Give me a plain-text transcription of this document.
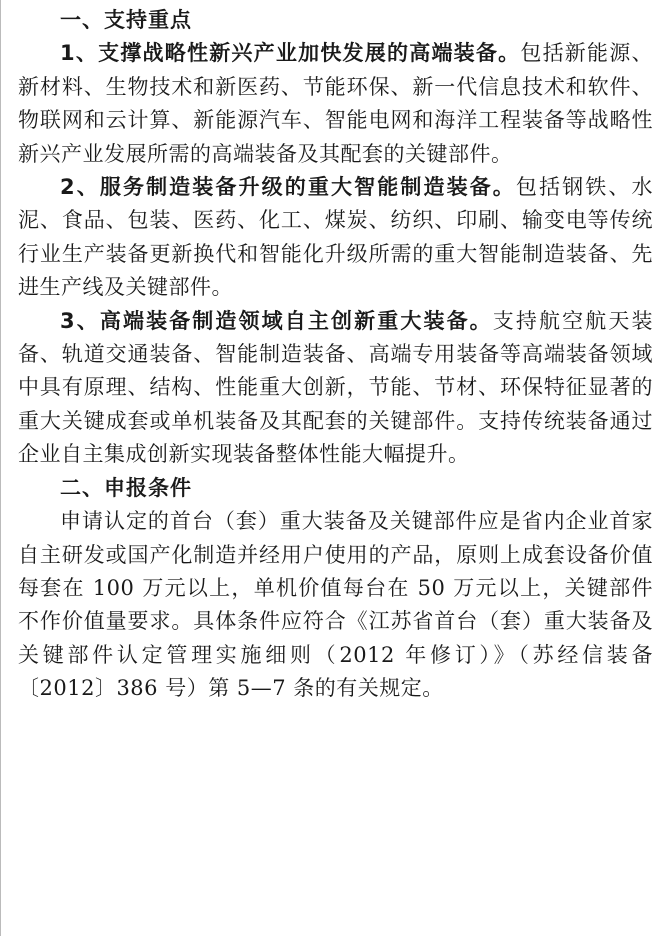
一、支持重点

1、支撑战略性新兴产业加快发展的高端装备。包括新能源、新材料、生物技术和新医药、节能环保、新一代信息技术和软件、物联网和云计算、新能源汽车、智能电网和海洋工程装备等战略性新兴产业发展所需的高端装备及其配套的关键部件。

2、服务制造装备升级的重大智能制造装备。包括钢铁、水泥、食品、包装、医药、化工、煤炭、纺织、印刷、输变电等传统行业生产装备更新换代和智能化升级所需的重大智能制造装备、先进生产线及关键部件。

3、高端装备制造领域自主创新重大装备。支持航空航天装备、轨道交通装备、智能制造装备、高端专用装备等高端装备领域中具有原理、结构、性能重大创新，节能、节材、环保特征显著的重大关键成套或单机装备及其配套的关键部件。支持传统装备通过企业自主集成创新实现装备整体性能大幅提升。

二、申报条件

申请认定的首台（套）重大装备及关键部件应是省内企业首家自主研发或国产化制造并经用户使用的产品，原则上成套设备价值每套在 100 万元以上，单机价值每台在 50 万元以上，关键部件不作价值量要求。具体条件应符合《江苏省首台（套）重大装备及关键部件认定管理实施细则（2012 年修订）》（苏经信装备〔2012〕386 号）第 5—7 条的有关规定。
